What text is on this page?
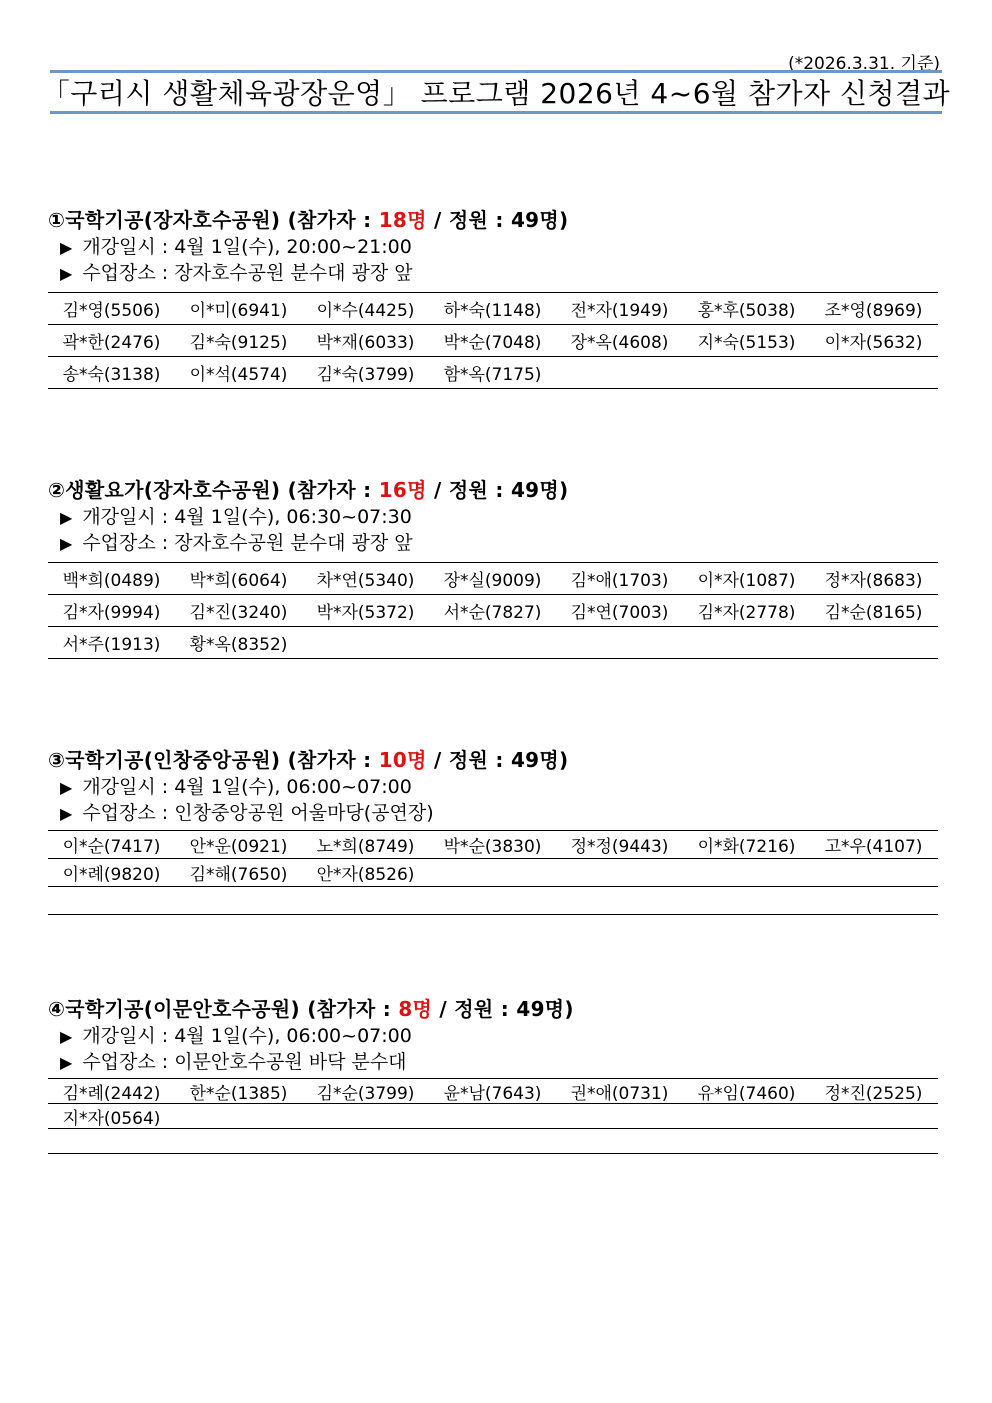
(*2026.3.31. 기준)
「구리시 생활체육광장운영」 프로그램 2026년 4~6월 참가자 신청결과
①국학기공(장자호수공원) (참가자 : 18명 / 정원 : 49명)
▶ 개강일시 : 4월 1일(수), 20:00~21:00
▶ 수업장소 : 장자호수공원 분수대 광장 앞
김*영(5506)	이*미(6941)	이*수(4425)	하*숙(1148)	전*자(1949)	홍*후(5038)	조*영(8969)
곽*한(2476)	김*숙(9125)	박*재(6033)	박*순(7048)	장*옥(4608)	지*숙(5153)	이*자(5632)
송*숙(3138)	이*석(4574)	김*숙(3799)	함*옥(7175)
②생활요가(장자호수공원) (참가자 : 16명 / 정원 : 49명)
▶ 개강일시 : 4월 1일(수), 06:30~07:30
▶ 수업장소 : 장자호수공원 분수대 광장 앞
백*희(0489)	박*희(6064)	차*연(5340)	장*실(9009)	김*애(1703)	이*자(1087)	정*자(8683)
김*자(9994)	김*진(3240)	박*자(5372)	서*순(7827)	김*연(7003)	김*자(2778)	김*순(8165)
서*주(1913)	황*옥(8352)
③국학기공(인창중앙공원) (참가자 : 10명 / 정원 : 49명)
▶ 개강일시 : 4월 1일(수), 06:00~07:00
▶ 수업장소 : 인창중앙공원 어울마당(공연장)
이*순(7417)	안*운(0921)	노*희(8749)	박*순(3830)	정*정(9443)	이*화(7216)	고*우(4107)
이*례(9820)	김*해(7650)	안*자(8526)
④국학기공(이문안호수공원) (참가자 : 8명 / 정원 : 49명)
▶ 개강일시 : 4월 1일(수), 06:00~07:00
▶ 수업장소 : 이문안호수공원 바닥 분수대
김*례(2442)	한*순(1385)	김*순(3799)	윤*남(7643)	권*애(0731)	유*임(7460)	정*진(2525)
지*자(0564)
